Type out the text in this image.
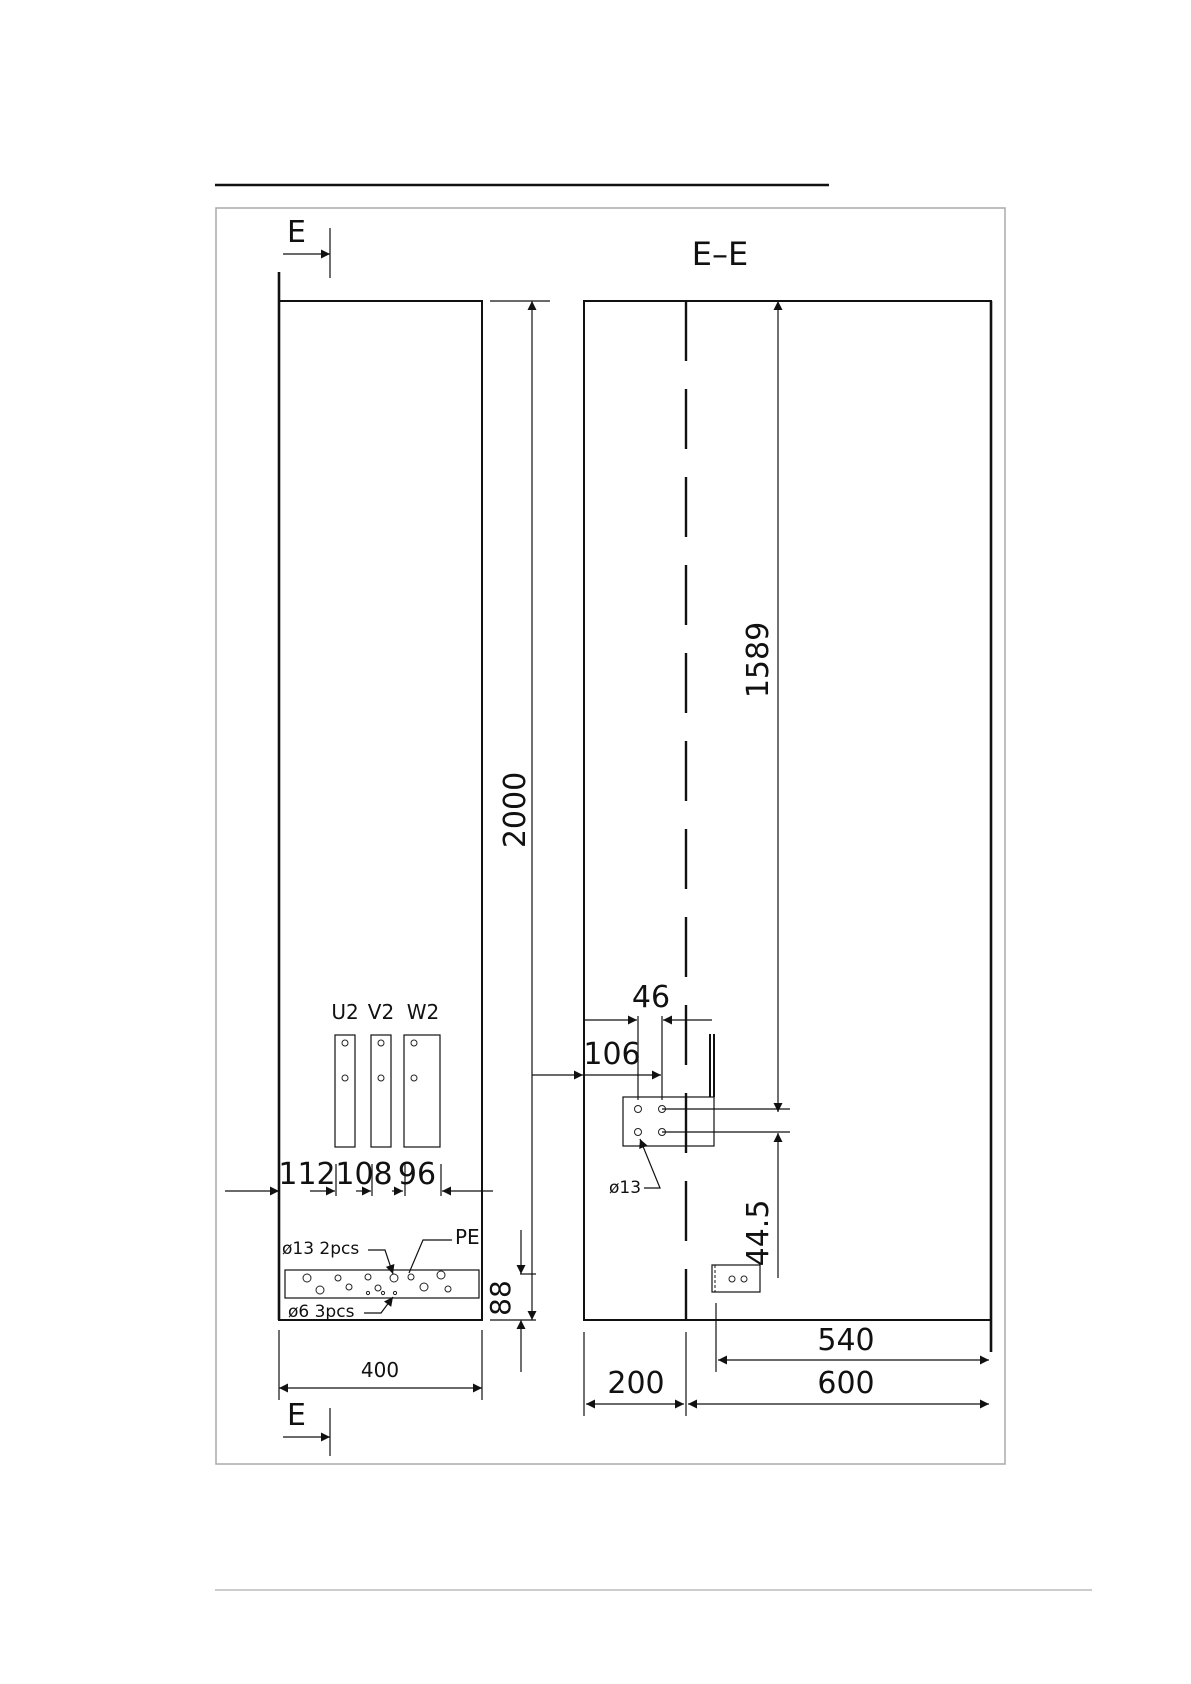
E
E
U2 V2 W2
112 108 96
ø13 2pcs	PE
ø6 3pcs
400
88
2000
E–E
1589
46
106
ø13
44.5
540
600
200
